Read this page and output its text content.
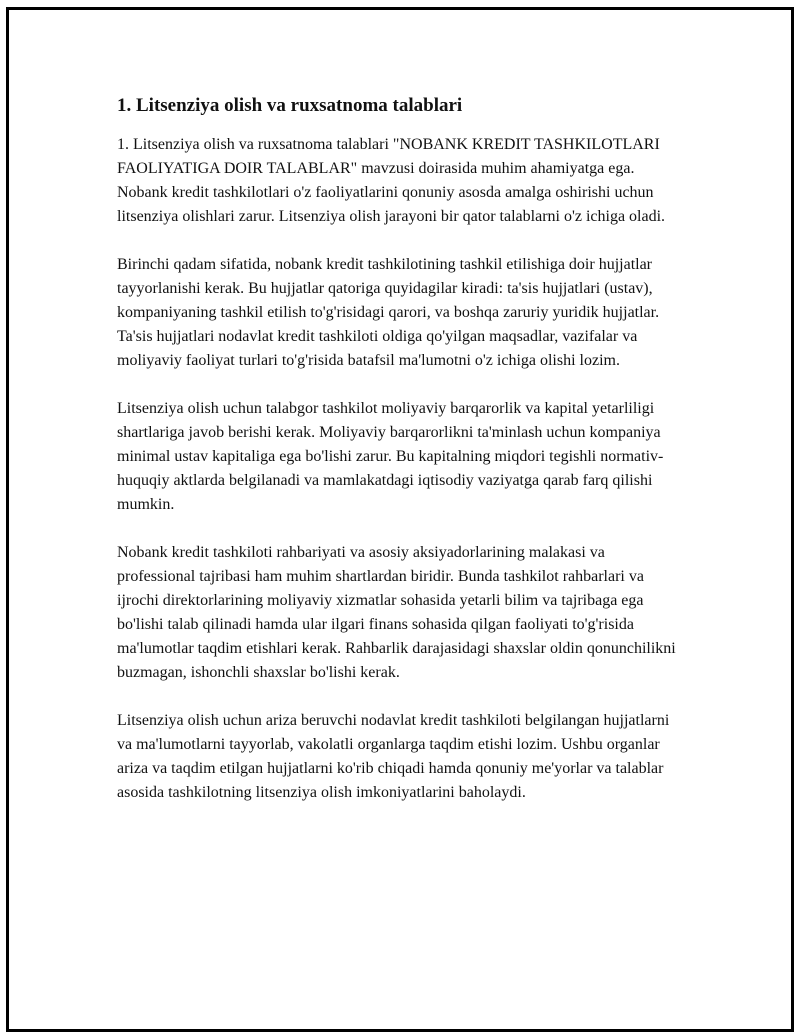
1. Litsenziya olish va ruxsatnoma talablari

1. Litsenziya olish va ruxsatnoma talablari "NOBANK KREDIT TASHKILOTLARI FAOLIYATIGA DOIR TALABLAR" mavzusi doirasida muhim ahamiyatga ega. Nobank kredit tashkilotlari o'z faoliyatlarini qonuniy asosda amalga oshirishi uchun litsenziya olishlari zarur. Litsenziya olish jarayoni bir qator talablarni o'z ichiga oladi.

Birinchi qadam sifatida, nobank kredit tashkilotining tashkil etilishiga doir hujjatlar tayyorlanishi kerak. Bu hujjatlar qatoriga quyidagilar kiradi: ta'sis hujjatlari (ustav), kompaniyaning tashkil etilish to'g'risidagi qarori, va boshqa zaruriy yuridik hujjatlar. Ta'sis hujjatlari nodavlat kredit tashkiloti oldiga qo'yilgan maqsadlar, vazifalar va moliyaviy faoliyat turlari to'g'risida batafsil ma'lumotni o'z ichiga olishi lozim.

Litsenziya olish uchun talabgor tashkilot moliyaviy barqarorlik va kapital yetarliligi shartlariga javob berishi kerak. Moliyaviy barqarorlikni ta'minlash uchun kompaniya minimal ustav kapitaliga ega bo'lishi zarur. Bu kapitalning miqdori tegishli normativ-huquqiy aktlarda belgilanadi va mamlakatdagi iqtisodiy vaziyatga qarab farq qilishi mumkin.

Nobank kredit tashkiloti rahbariyati va asosiy aksiyadorlarining malakasi va professional tajribasi ham muhim shartlardan biridir. Bunda tashkilot rahbarlari va ijrochi direktorlarining moliyaviy xizmatlar sohasida yetarli bilim va tajribaga ega bo'lishi talab qilinadi hamda ular ilgari finans sohasida qilgan faoliyati to'g'risida ma'lumotlar taqdim etishlari kerak. Rahbarlik darajasidagi shaxslar oldin qonunchilikni buzmagan, ishonchli shaxslar bo'lishi kerak.

Litsenziya olish uchun ariza beruvchi nodavlat kredit tashkiloti belgilangan hujjatlarni va ma'lumotlarni tayyorlab, vakolatli organlarga taqdim etishi lozim. Ushbu organlar ariza va taqdim etilgan hujjatlarni ko'rib chiqadi hamda qonuniy me'yorlar va talablar asosida tashkilotning litsenziya olish imkoniyatlarini baholaydi.
